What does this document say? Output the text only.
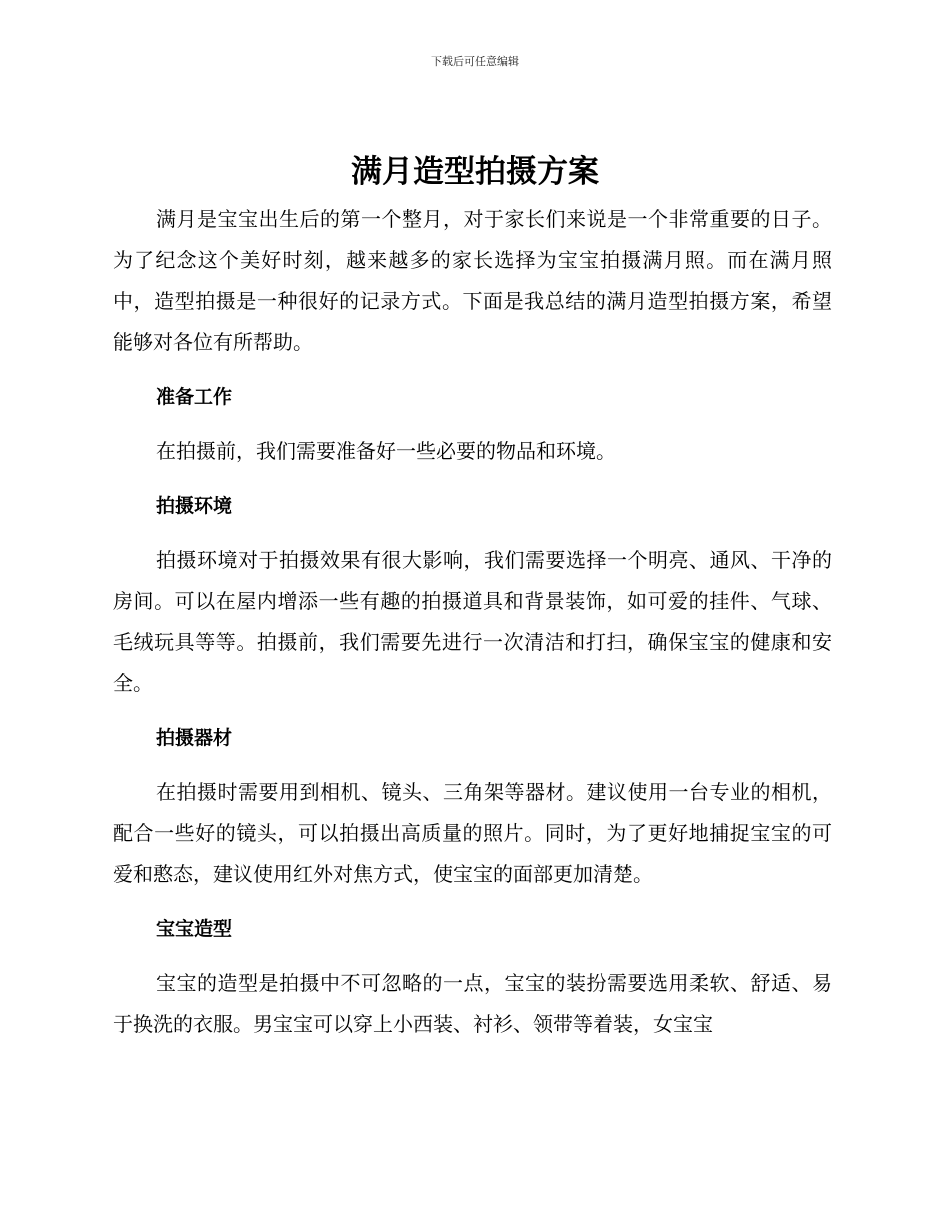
下载后可任意编辑
满月造型拍摄方案

满月是宝宝出生后的第一个整月，对于家长们来说是一个非常重要的日子。为了纪念这个美好时刻，越来越多的家长选择为宝宝拍摄满月照。而在满月照中，造型拍摄是一种很好的记录方式。下面是我总结的满月造型拍摄方案，希望能够对各位有所帮助。

准备工作

在拍摄前，我们需要准备好一些必要的物品和环境。

拍摄环境

拍摄环境对于拍摄效果有很大影响，我们需要选择一个明亮、通风、干净的房间。可以在屋内增添一些有趣的拍摄道具和背景装饰，如可爱的挂件、气球、毛绒玩具等等。拍摄前，我们需要先进行一次清洁和打扫，确保宝宝的健康和安全。

拍摄器材

在拍摄时需要用到相机、镜头、三角架等器材。建议使用一台专业的相机，配合一些好的镜头，可以拍摄出高质量的照片。同时，为了更好地捕捉宝宝的可爱和憨态，建议使用红外对焦方式，使宝宝的面部更加清楚。

宝宝造型

宝宝的造型是拍摄中不可忽略的一点，宝宝的装扮需要选用柔软、舒适、易于换洗的衣服。男宝宝可以穿上小西装、衬衫、领带等着装，女宝宝
